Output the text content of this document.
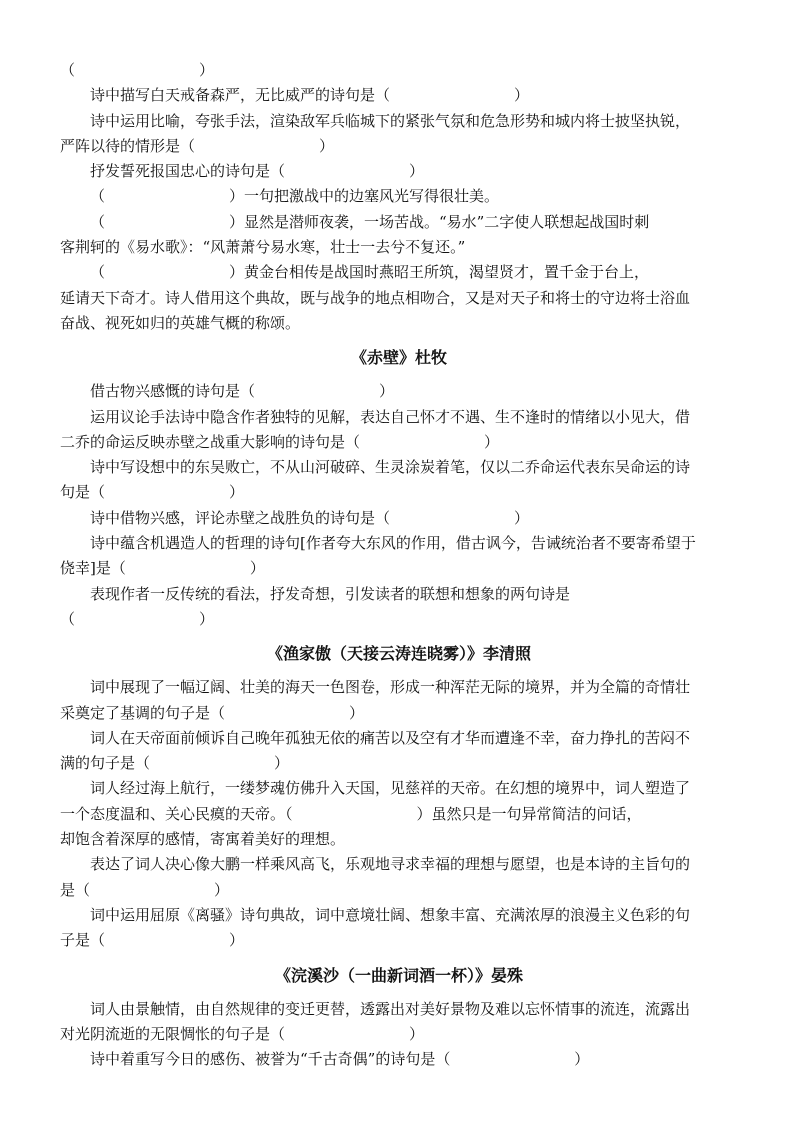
（                          ）

诗中描写白天戒备森严，无比威严的诗句是（                          ）

诗中运用比喻，夸张手法，渲染敌军兵临城下的紧张气氛和危急形势和城内将士披坚执锐，

严阵以待的情形是（                          ）

抒发誓死报国忠心的诗句是（                          ）

（                          ）一句把激战中的边塞风光写得很壮美。

（                          ）显然是潜师夜袭，一场苦战。“易水”二字使人联想起战国时刺

客荆轲的《易水歌》：“风萧萧兮易水寒，壮士一去兮不复还。”

（                          ）黄金台相传是战国时燕昭王所筑，渴望贤才，置千金于台上，

延请天下奇才。诗人借用这个典故，既与战争的地点相吻合，又是对天子和将士的守边将士浴血

奋战、视死如归的英雄气概的称颂。

《赤壁》杜牧

借古物兴感慨的诗句是（                          ）

运用议论手法诗中隐含作者独特的见解，表达自己怀才不遇、生不逢时的情绪以小见大，借

二乔的命运反映赤壁之战重大影响的诗句是（                          ）

诗中写设想中的东吴败亡，不从山河破碎、生灵涂炭着笔，仅以二乔命运代表东吴命运的诗

句是（                          ）

诗中借物兴感，评论赤壁之战胜负的诗句是（                          ）

诗中蕴含机遇造人的哲理的诗句[作者夸大东风的作用，借古讽今，告诫统治者不要寄希望于

侥幸]是（                          ）

表现作者一反传统的看法，抒发奇想，引发读者的联想和想象的两句诗是

（                          ）

《渔家傲（天接云涛连晓雾）》李清照

词中展现了一幅辽阔、壮美的海天一色图卷，形成一种浑茫无际的境界，并为全篇的奇情壮

采奠定了基调的句子是（                          ）

词人在天帝面前倾诉自己晚年孤独无依的痛苦以及空有才华而遭逢不幸，奋力挣扎的苦闷不

满的句子是（                          ）

词人经过海上航行，一缕梦魂仿佛升入天国，见慈祥的天帝。在幻想的境界中，词人塑造了

一个态度温和、关心民瘼的天帝。（                          ）虽然只是一句异常简洁的问话，

却饱含着深厚的感情，寄寓着美好的理想。

表达了词人决心像大鹏一样乘风高飞，乐观地寻求幸福的理想与愿望，也是本诗的主旨句的

是（                          ）

词中运用屈原《离骚》诗句典故，词中意境壮阔、想象丰富、充满浓厚的浪漫主义色彩的句

子是（                          ）

《浣溪沙（一曲新词酒一杯）》晏殊

词人由景触情，由自然规律的变迁更替，透露出对美好景物及难以忘怀情事的流连，流露出

对光阴流逝的无限惆怅的句子是（                          ）

诗中着重写今日的感伤、被誉为“千古奇偶”的诗句是（                          ）
